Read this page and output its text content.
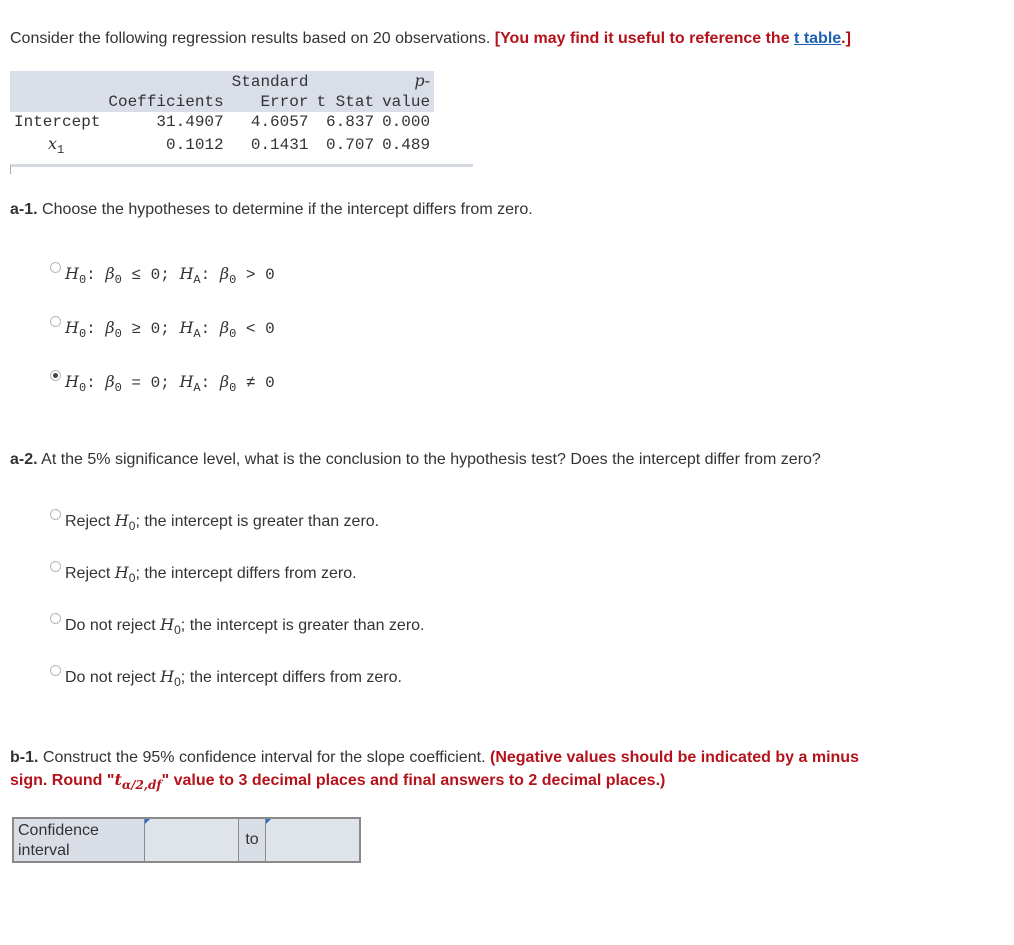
Consider the following regression results based on 20 observations. [You may find it useful to reference the t table.]
		Standard		p-
	Coefficients	Error	t Stat	value
Intercept	31.4907	4.6057	6.837	0.000
$x_1$	0.1012	0.1431	0.707	0.489
a-1. Choose the hypotheses to determine if the intercept differs from zero.
$H_0$: $\beta_0 \le 0$; $H_A$: $\beta_0 > 0$
$H_0$: $\beta_0 \ge 0$; $H_A$: $\beta_0 < 0$
$H_0$: $\beta_0 = 0$; $H_A$: $\beta_0 \ne 0$
a-2. At the 5% significance level, what is the conclusion to the hypothesis test? Does the intercept differ from zero?
Reject $H_0$; the intercept is greater than zero.
Reject $H_0$; the intercept differs from zero.
Do not reject $H_0$; the intercept is greater than zero.
Do not reject $H_0$; the intercept differs from zero.
b-1. Construct the 95% confidence interval for the slope coefficient. (Negative values should be indicated by a minus
sign. Round "$t_{\alpha/2,df}$" value to 3 decimal places and final answers to 2 decimal places.)
Confidence interval
to
